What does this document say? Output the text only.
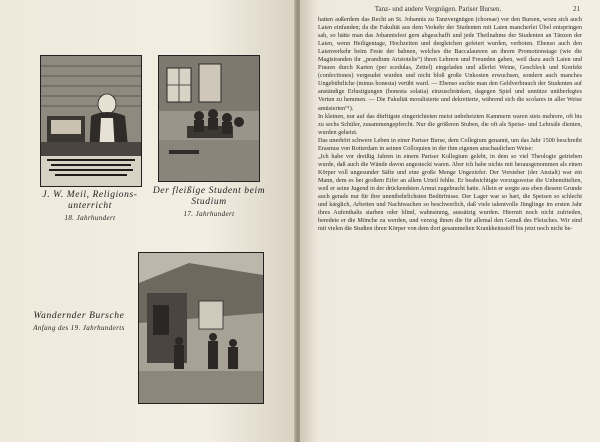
J. W. Meil, Religions-unterricht
18. Jahrhundert
Der fleißige Student beim Studium
17. Jahrhundert
Wandernder Bursche
Anfang des 19. Jahrhunderts
Tanz- und andere Vergnügen. Pariser Bursen.	21

hatten außerdem das Recht an St. Johannis zu Tanzvergnügen (choreae) vor den Bursen, wozu sich auch Laien einfanden; da die Fakultät aus dem Verkehr der Studenten mit Laien mancherlei Übel entspringen sah, so hätte man das Johannisfest gern abgeschafft und jede Theilnahme der Studenten an Tänzen der Laien, wenn Heiligentage, Hochzeiten und dergleichen gefeiert wurden, verboten. Ebenso auch den Laienverkehr beim Feste der bahnen, welches die Baccalaureen an ihrem Promotionstage (wie die Magistranden ihr „prandium Aristotelis“) ihren Lehrern und Freunden gaben, weil dazu auch Laien und Frauen durch Karten (per scedulas, Zettel) eingeladen und allerlei Weine, Geschleck und Konfekt (confectiones) vergeudet wurden und nicht bloß große Unkosten erwuchsen, sondern auch manches Ungebührliche (minus honesta) verübt ward. — Ebenso suchte man den Geldverbrauch der Studenten auf anständige Erlustigungen (honesta solatia) einzuschränken, dagegen Spiel und unnütze unüberlegtes Vertun zu hemmen. — Die Fakultät moralisierte und dekretierte, während sich die scolares in aller Weise amüsierten“¹).

In kleinen, nur auf das dürftigste eingerichteten meist unbeheizten Kammern waren stets mehrere, oft bis zu sechs Schüler, zusammengepfercht. Nur die größeren Stuben, die oft als Speise- und Lehrsäle dienten, wurden geheizt.

Das unerhört schwere Leben in einer Pariser Burse, dem Collegium genannt, um das Jahr 1500 beschreibt Erasmus von Rotterdam in seinen Colloquien in der ihm eigenen anschaulichen Weise:

„Ich habe vor dreißig Jahren in einem Pariser Kollegium gelebt, in dem so viel Theologie getrieben wurde, daß auch die Wände davon angesteckt waren. Aber ich habe nichts mit herausgenommen als einen Körper voll ungesunder Säfte und eine große Menge Ungeziefer. Der Vorsteher (der Anstalt) war ein Mann, dem es bei großem Eifer an allem Urteil fehlte. Er beabsichtigte vorzugsweise die Unbemittelten, weil er seine Jugend in der drückendsten Armut zugebracht hatte. Allein er sorgte aus eben diesem Grunde auch gerade nur für ihre unentbehrlichsten Bedürfnisse. Der Lager war so hart, die Speisen so schlecht und kärglich, Arbeiten und Nachtwachen so beschwerlich, daß viele talentvolle Jünglinge im ersten Jahr ihres Aufenthalts starben oder blind, wahnsinnig, aussätzig wurden. Hiermit noch nicht zufrieden, beredete er die Mönche zu werden, und verzog ihnen die für allemal den Genuß des Fleisches. Wir sind mit vielen die Studien ihren Körper von dem dort gesammelten Krankheitsstoff bis jetzt noch nicht be-
